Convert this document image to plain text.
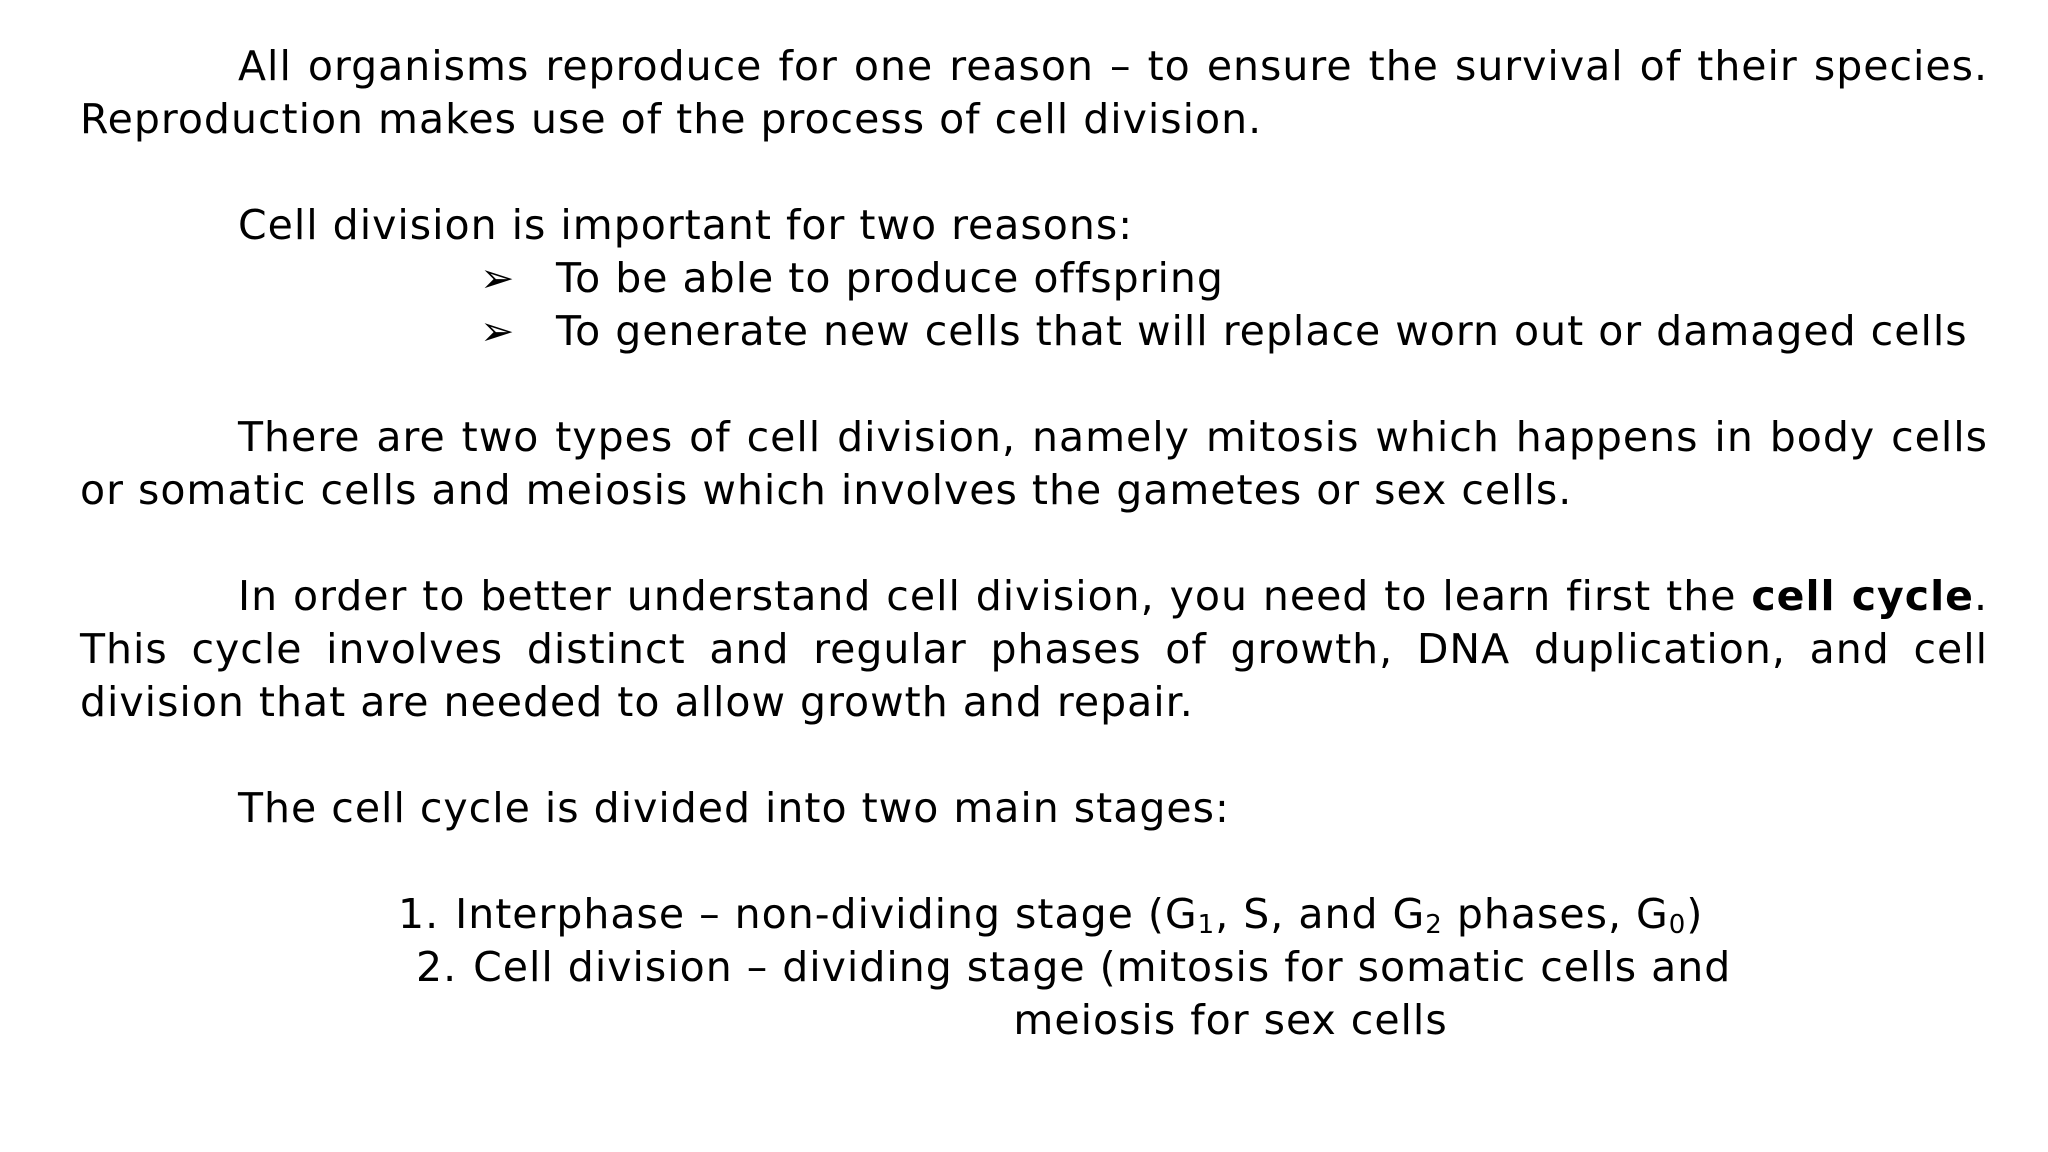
All organisms reproduce for one reason – to ensure the survival of their species. Reproduction makes use of the process of cell division.

Cell division is important for two reasons:

➢ To be able to produce offspring
➢ To generate new cells that will replace worn out or damaged cells

There are two types of cell division, namely mitosis which happens in body cells or somatic cells and meiosis which involves the gametes or sex cells.

In order to better understand cell division, you need to learn first the cell cycle. This cycle involves distinct and regular phases of growth, DNA duplication, and cell division that are needed to allow growth and repair.

The cell cycle is divided into two main stages:

1. Interphase – non-dividing stage ($G_1$, S, and $G_2$ phases, $G_0$)
2. Cell division – dividing stage (mitosis for somatic cells and
meiosis for sex cells
